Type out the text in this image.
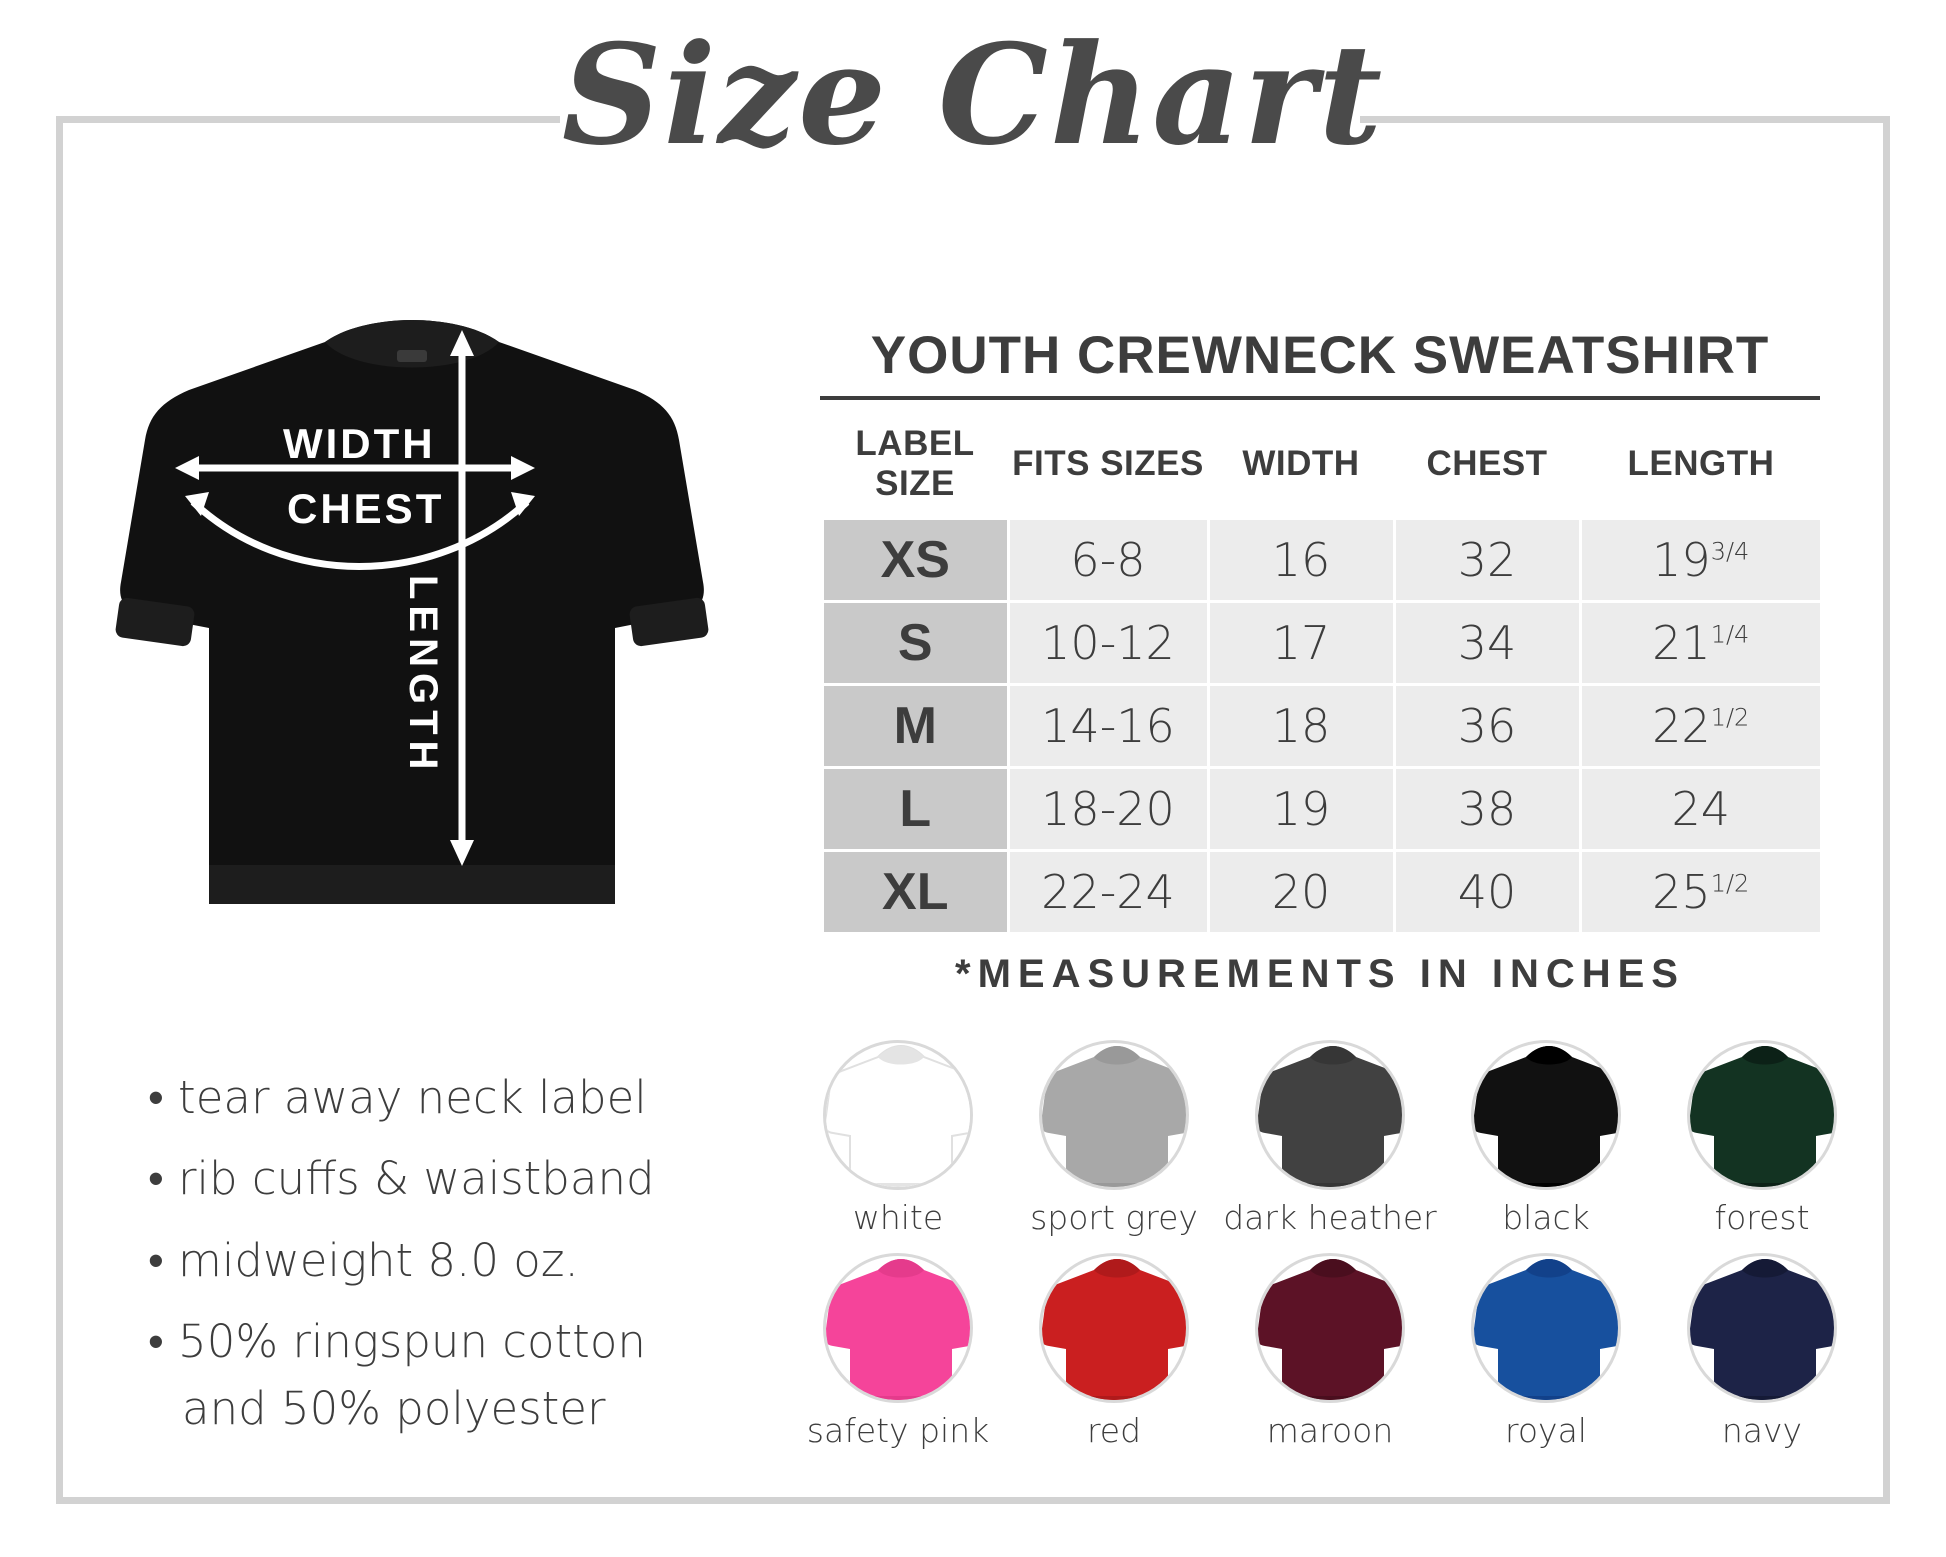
Size Chart
WIDTH
CHEST
LENGTH
• tear away neck label
• rib cuffs & waistband
• midweight 8.0 oz.
• 50% ringspun cotton
and 50% polyester
YOUTH CREWNECK SWEATSHIRT
LABEL SIZE	FITS SIZES	WIDTH	CHEST	LENGTH
XS	6-8	16	32	$19^{3/4}$
S	10-12	17	34	$21^{1/4}$
M	14-16	18	36	$22^{1/2}$
L	18-20	19	38	24
XL	22-24	20	40	$25^{1/2}$
*MEASUREMENTS IN INCHES
white	sport grey dark heather	black	forest
safety pink	red	maroon	royal	navy
